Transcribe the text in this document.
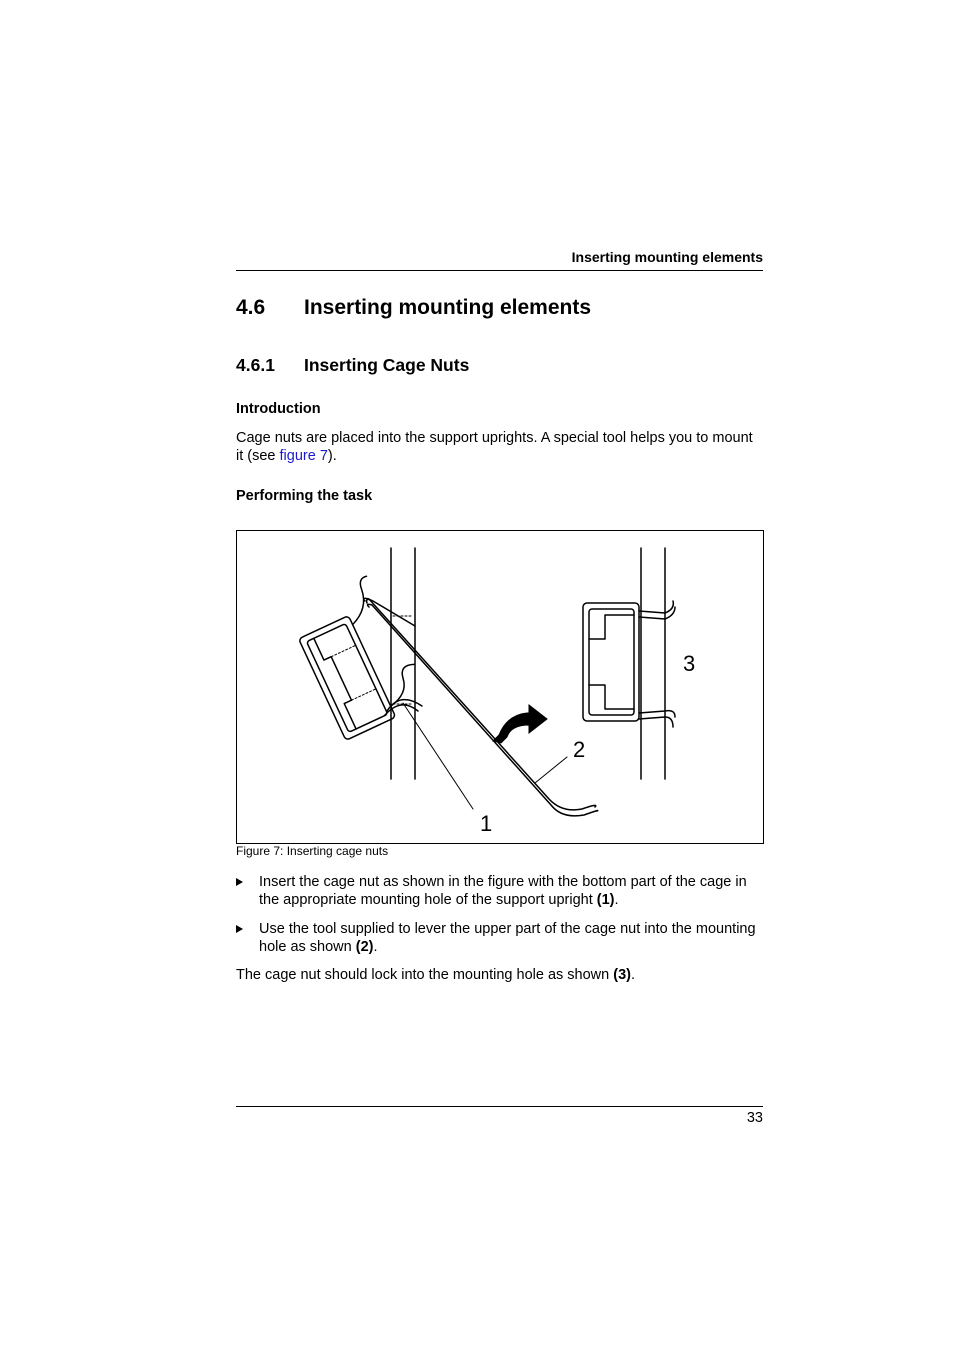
Inserting mounting elements
4.6 Inserting mounting elements
4.6.1 Inserting Cage Nuts
Introduction
Cage nuts are placed into the support uprights. A special tool helps you to mount it (see figure 7).
Performing the task
1
2
3
Figure 7: Inserting cage nuts
Insert the cage nut as shown in the figure with the bottom part of the cage in the appropriate mounting hole of the support upright (1).
Use the tool supplied to lever the upper part of the cage nut into the mounting hole as shown (2).
The cage nut should lock into the mounting hole as shown (3).
33
